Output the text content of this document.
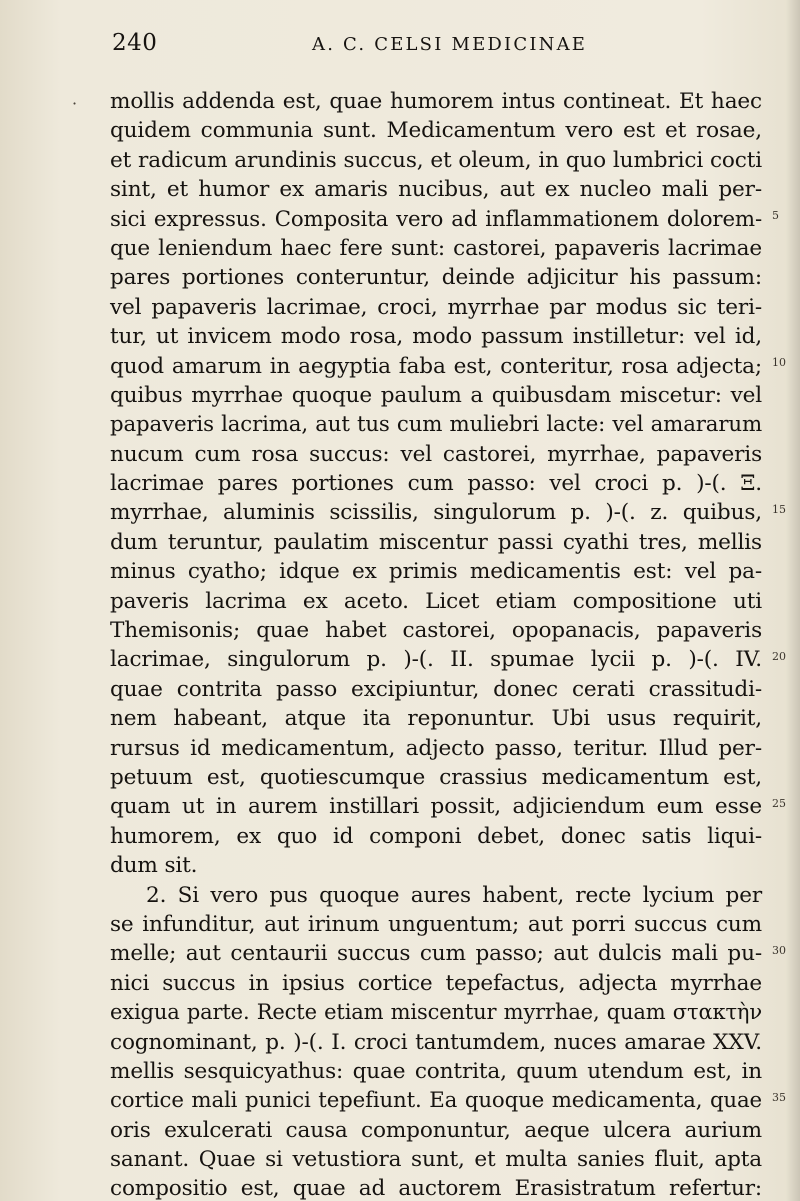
240	A. C. CELSI MEDICINAE
· mollis addenda est, quae humorem intus contineat. Et haec
quidem communia sunt. Medicamentum vero est et rosae,
et radicum arundinis succus, et oleum, in quo lumbrici cocti
sint, et humor ex amaris nucibus, aut ex nucleo mali per-
sici expressus. Composita vero ad inflammationem dolorem-
que leniendum haec fere sunt: castorei, papaveris lacrimae
pares portiones conteruntur, deinde adjicitur his passum:
vel papaveris lacrimae, croci, myrrhae par modus sic teri-
tur, ut invicem modo rosa, modo passum instilletur: vel id,
quod amarum in aegyptia faba est, conteritur, rosa adjecta;
quibus myrrhae quoque paulum a quibusdam miscetur: vel
papaveris lacrima, aut tus cum muliebri lacte: vel amararum
nucum cum rosa succus: vel castorei, myrrhae, papaveris
lacrimae pares portiones cum passo: vel croci p. )-(. Ξ.
myrrhae, aluminis scissilis, singulorum p. )-(. z. quibus,
dum teruntur, paulatim miscentur passi cyathi tres, mellis
minus cyatho; idque ex primis medicamentis est: vel pa-
paveris lacrima ex aceto. Licet etiam compositione uti
Themisonis; quae habet castorei, opopanacis, papaveris
lacrimae, singulorum p. )-(. II. spumae lycii p. )-(. IV.
quae contrita passo excipiuntur, donec cerati crassitudi-
nem habeant, atque ita reponuntur. Ubi usus requirit,
rursus id medicamentum, adjecto passo, teritur. Illud per-
petuum est, quotiescumque crassius medicamentum est,
quam ut in aurem instillari possit, adjiciendum eum esse
humorem, ex quo id componi debet, donec satis liqui-
dum sit.
2. Si vero pus quoque aures habent, recte lycium per
se infunditur, aut irinum unguentum; aut porri succus cum
melle; aut centaurii succus cum passo; aut dulcis mali pu-
nici succus in ipsius cortice tepefactus, adjecta myrrhae
exigua parte. Recte etiam miscentur myrrhae, quam στακτὴν
cognominant, p. )-(. I. croci tantumdem, nuces amarae XXV.
mellis sesquicyathus: quae contrita, quum utendum est, in
cortice mali punici tepefiunt. Ea quoque medicamenta, quae
oris exulcerati causa componuntur, aeque ulcera aurium
sanant. Quae si vetustiora sunt, et multa sanies fluit, apta
compositio est, quae ad auctorem Erasistratum refertur:
5
10
15
20
25
30
35
